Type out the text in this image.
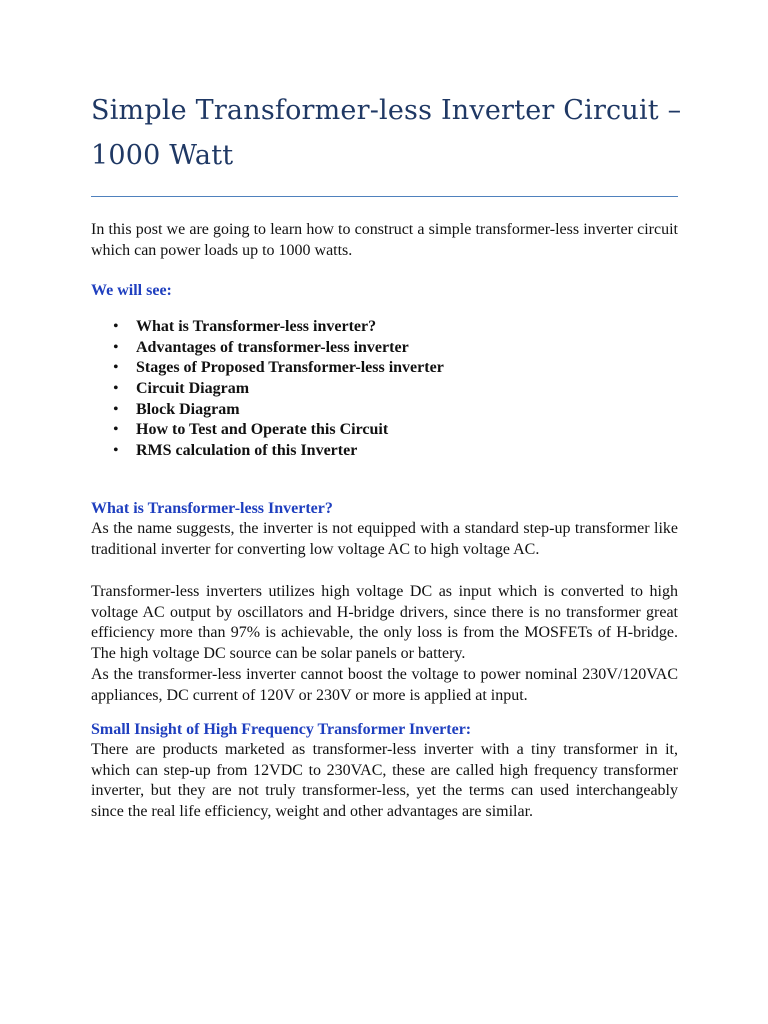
Simple Transformer-less Inverter Circuit – 1000 Watt

In this post we are going to learn how to construct a simple transformer-less inverter circuit which can power loads up to 1000 watts.

We will see:

• What is Transformer-less inverter?
• Advantages of transformer-less inverter
• Stages of Proposed Transformer-less inverter
• Circuit Diagram
• Block Diagram
• How to Test and Operate this Circuit
• RMS calculation of this Inverter
What is Transformer-less Inverter?

As the name suggests, the inverter is not equipped with a standard step-up transformer like traditional inverter for converting low voltage AC to high voltage AC.

Transformer-less inverters utilizes high voltage DC as input which is converted to high voltage AC output by oscillators and H-bridge drivers, since there is no transformer great efficiency more than 97% is achievable, the only loss is from the MOSFETs of H-bridge. The high voltage DC source can be solar panels or battery.

As the transformer-less inverter cannot boost the voltage to power nominal 230V/120VAC appliances, DC current of 120V or 230V or more is applied at input.

Small Insight of High Frequency Transformer Inverter:

There are products marketed as transformer-less inverter with a tiny transformer in it, which can step-up from 12VDC to 230VAC, these are called high frequency transformer inverter, but they are not truly transformer-less, yet the terms can used interchangeably since the real life efficiency, weight and other advantages are similar.
